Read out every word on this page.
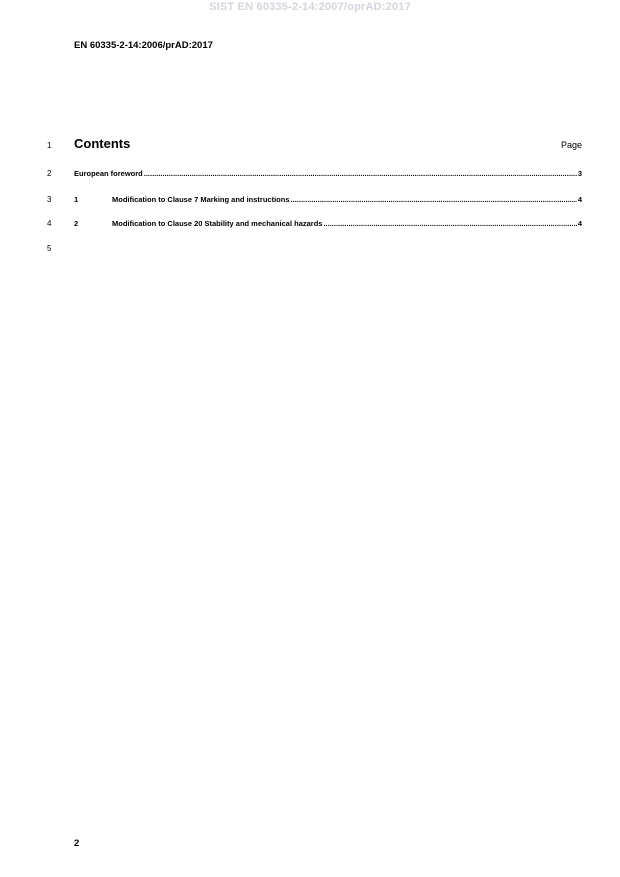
SIST EN 60335-2-14:2007/oprAD:2017
EN 60335-2-14:2006/prAD:2017
1
2
3
4
5
Contents	Page
European foreword .....	3
1	Modification to Clause 7 Marking and instructions .....	4
2	Modification to Clause 20 Stability and mechanical hazards .....	4
2
